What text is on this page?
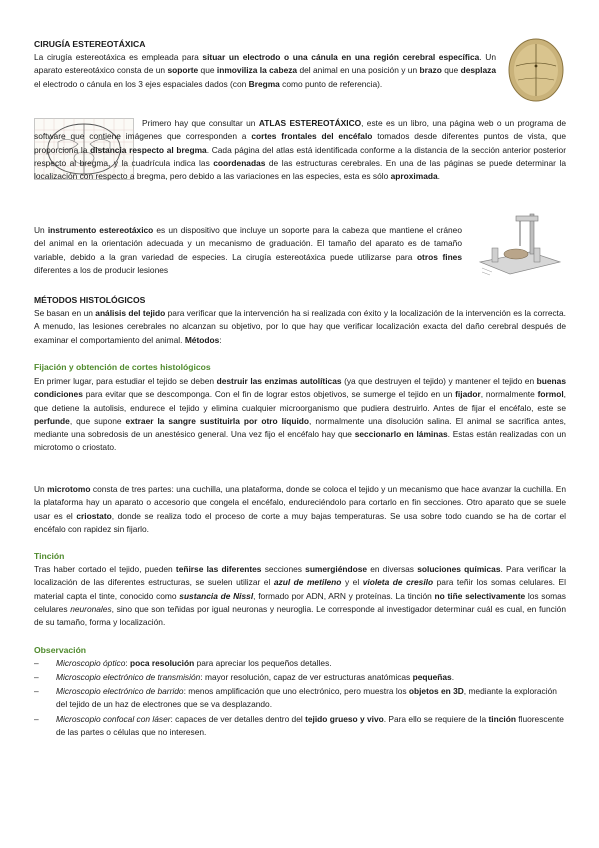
CIRUGÍA ESTEREOTÁXICA

La cirugía estereotáxica es empleada para situar un electrodo o una cánula en una región cerebral específica. Un aparato estereotáxico consta de un soporte que inmoviliza la cabeza del animal en una posición y un brazo que desplaza el electrodo o cánula en los 3 ejes espaciales dados (con Bregma como punto de referencia).

Primero hay que consultar un ATLAS ESTEREOTÁXICO, este es un libro, una página web o un programa de software que contiene imágenes que corresponden a cortes frontales del encéfalo tomados desde diferentes puntos de vista, que proporciona la distancia respecto al bregma. Cada página del atlas está identificada conforme a la distancia de la sección anterior posterior respecto al bregma, y la cuadrícula indica las coordenadas de las estructuras cerebrales. En una de las páginas se puede determinar la localización con respecto a bregma, pero debido a las variaciones en las especies, esta es sólo aproximada.

Un instrumento estereotáxico es un dispositivo que incluye un soporte para la cabeza que mantiene el cráneo del animal en la orientación adecuada y un mecanismo de graduación. El tamaño del aparato es de tamaño variable, debido a la gran variedad de especies. La cirugía estereotáxica puede utilizarse para otros fines diferentes a los de producir lesiones

MÉTODOS HISTOLÓGICOS

Se basan en un análisis del tejido para verificar que la intervención ha si realizada con éxito y la localización de la intervención es la correcta. A menudo, las lesiones cerebrales no alcanzan su objetivo, por lo que hay que verificar localización exacta del daño cerebral después de examinar el comportamiento del animal. Métodos:

Fijación y obtención de cortes histológicos

En primer lugar, para estudiar el tejido se deben destruir las enzimas autolíticas (ya que destruyen el tejido) y mantener el tejido en buenas condiciones para evitar que se descomponga. Con el fin de lograr estos objetivos, se sumerge el tejido en un fijador, normalmente formol, que detiene la autolisis, endurece el tejido y elimina cualquier microorganismo que pudiera destruirlo. Antes de fijar el encéfalo, este se perfunde, que supone extraer la sangre sustituirla por otro líquido, normalmente una disolución salina. El animal se sacrifica antes, mediante una sobredosis de un anestésico general. Una vez fijo el encéfalo hay que seccionarlo en láminas. Estas están realizadas con un microtomo o criostato.

Un microtomo consta de tres partes: una cuchilla, una plataforma, donde se coloca el tejido y un mecanismo que hace avanzar la cuchilla. En la plataforma hay un aparato o accesorio que congela el encéfalo, endureciéndolo para cortarlo en fin secciones. Otro aparato que se suele usar es el criostato, donde se realiza todo el proceso de corte a muy bajas temperaturas. Se usa sobre todo cuando se ha de cortar el encéfalo con rapidez sin fijarlo.

Tinción

Tras haber cortado el tejido, pueden teñirse las diferentes secciones sumergiéndose en diversas soluciones químicas. Para verificar la localización de las diferentes estructuras, se suelen utilizar el azul de metileno y el violeta de cresilo para teñir los somas celulares. El material capta el tinte, conocido como sustancia de Nissl, formado por ADN, ARN y proteínas. La tinción no tiñe selectivamente los somas celulares neuronales, sino que son teñidas por igual neuronas y neuroglia. Le corresponde al investigador determinar cuál es cual, en función de su tamaño, forma y localización.

Observación
– Microscopio óptico: poca resolución para apreciar los pequeños detalles.
– Microscopio electrónico de transmisión: mayor resolución, capaz de ver estructuras anatómicas pequeñas.
– Microscopio electrónico de barrido: menos amplificación que uno electrónico, pero muestra los objetos en 3D, mediante la exploración del tejido de un haz de electrones que se va desplazando.
– Microscopio confocal con láser: capaces de ver detalles dentro del tejido grueso y vivo. Para ello se requiere de la tinción fluorescente de las partes o células que no interesen.
